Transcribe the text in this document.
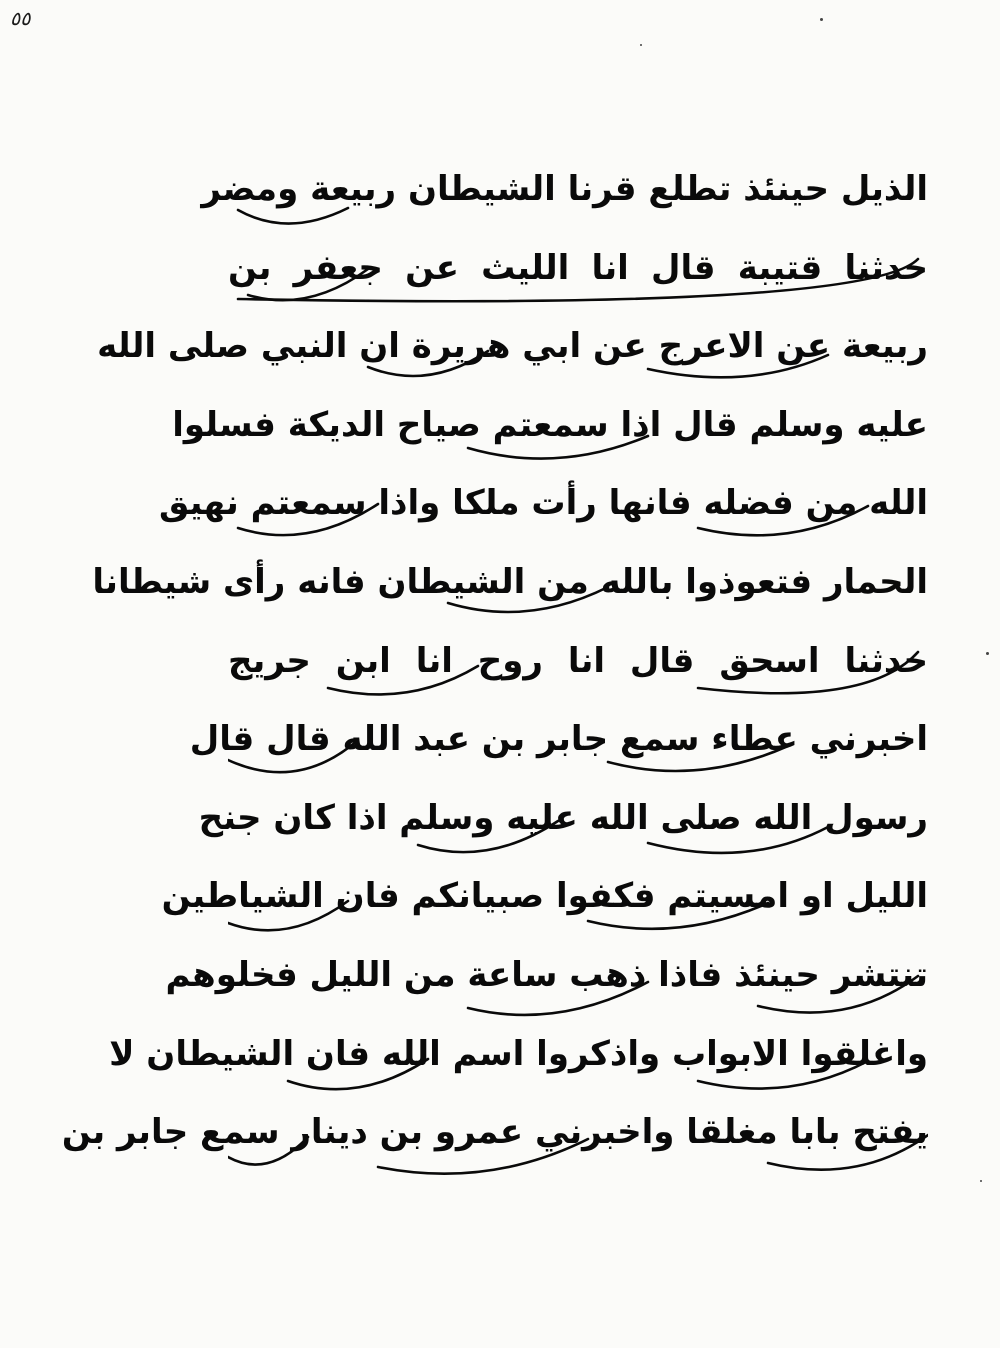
٥٥
الذيل حينئذ تطلع قرنا الشيطان ربيعة ومضر
حدثنا قتيبة قال انا الليث عن جعفر بن
ربيعة عن الاعرج عن ابي هريرة ان النبي صلى الله
عليه وسلم قال اذا سمعتم صياح الديكة فسلوا
الله من فضله فانها رأت ملكا واذا سمعتم نهيق
الحمار فتعوذوا بالله من الشيطان فانه رأى شيطانا
حدثنا اسحق قال انا روح انا ابن جريج
اخبرني عطاء سمع جابر بن عبد الله قال قال
رسول الله صلى الله عليه وسلم اذا كان جنح
الليل او امسيتم فكفوا صبيانكم فان الشياطين
تنتشر حينئذ فاذا ذهب ساعة من الليل فخلوهم
واغلقوا الابواب واذكروا اسم الله فان الشيطان لا
يفتح بابا مغلقا واخبرني عمرو بن دينار سمع جابر بن
